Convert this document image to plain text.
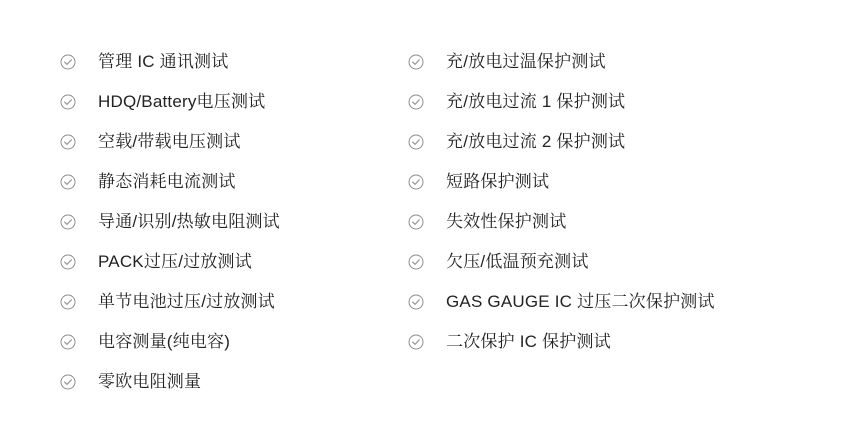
管理 IC 通讯测试
HDQ/Battery电压测试
空载/带载电压测试
静态消耗电流测试
导通/识别/热敏电阻测试
PACK过压/过放测试
单节电池过压/过放测试
电容测量(纯电容)
零欧电阻测量
充/放电过温保护测试
充/放电过流 1 保护测试
充/放电过流 2 保护测试
短路保护测试
失效性保护测试
欠压/低温预充测试
GAS GAUGE IC 过压二次保护测试
二次保护 IC 保护测试
